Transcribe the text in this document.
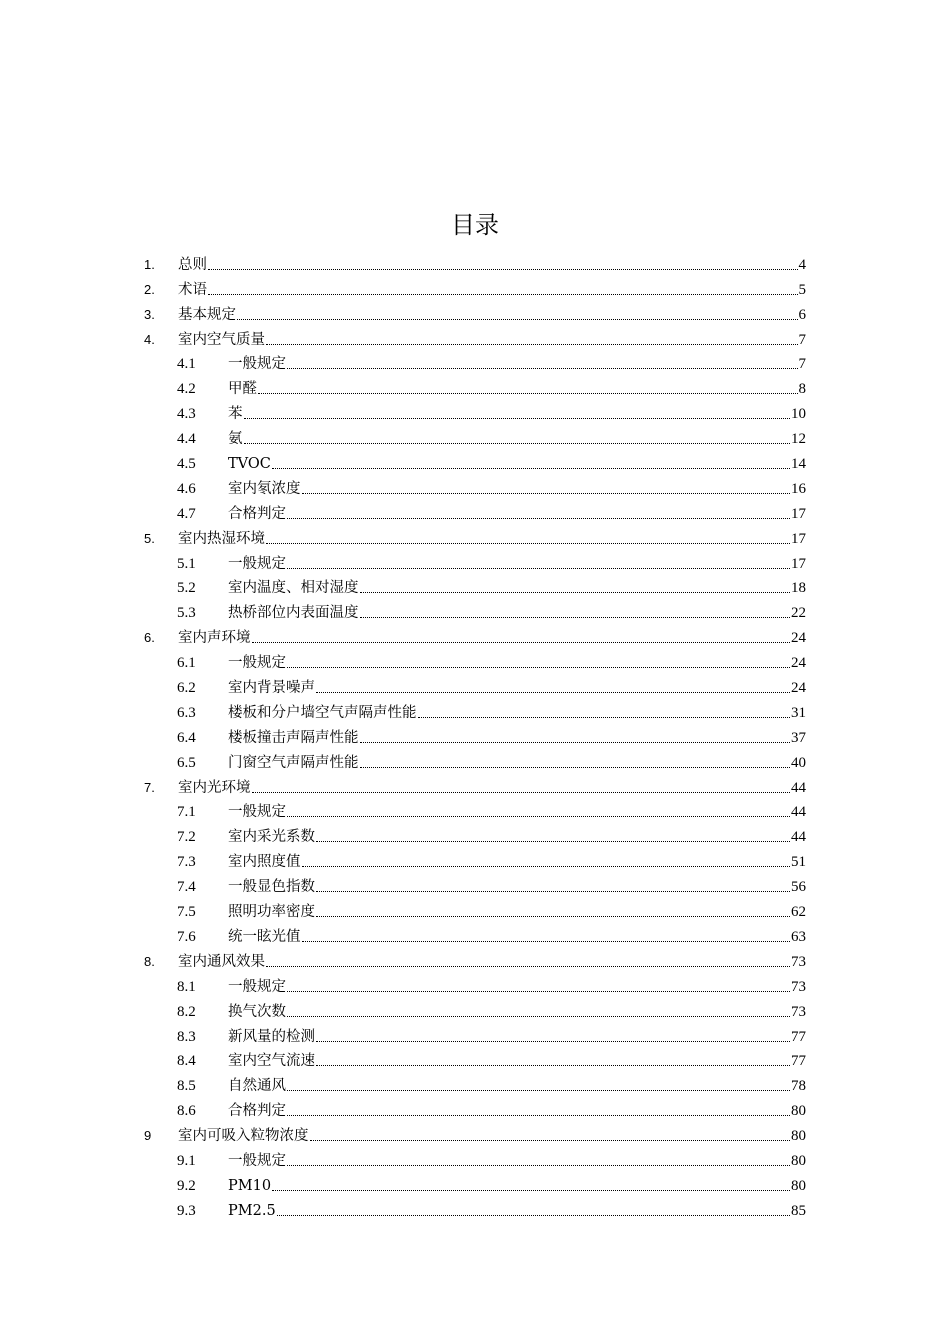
目录
1. 总则	4
2. 术语	5
3. 基本规定	6
4. 室内空气质量	7
4.1 一般规定	7
4.2 甲醛	8
4.3 苯	10
4.4 氨	12
4.5 TVOC	14
4.6 室内氡浓度	16
4.7 合格判定	17
5. 室内热湿环境	17
5.1 一般规定	17
5.2 室内温度、相对湿度	18
5.3 热桥部位内表面温度	22
6. 室内声环境	24
6.1 一般规定	24
6.2 室内背景噪声	24
6.3 楼板和分户墙空气声隔声性能	31
6.4 楼板撞击声隔声性能	37
6.5 门窗空气声隔声性能	40
7. 室内光环境	44
7.1 一般规定	44
7.2 室内采光系数	44
7.3 室内照度值	51
7.4 一般显色指数	56
7.5 照明功率密度	62
7.6 统一眩光值	63
8. 室内通风效果	73
8.1 一般规定	73
8.2 换气次数	73
8.3 新风量的检测	77
8.4 室内空气流速	77
8.5 自然通风	78
8.6 合格判定	80
9 室内可吸入粒物浓度	80
9.1 一般规定	80
9.2 PM10	80
9.3 PM2.5	85
